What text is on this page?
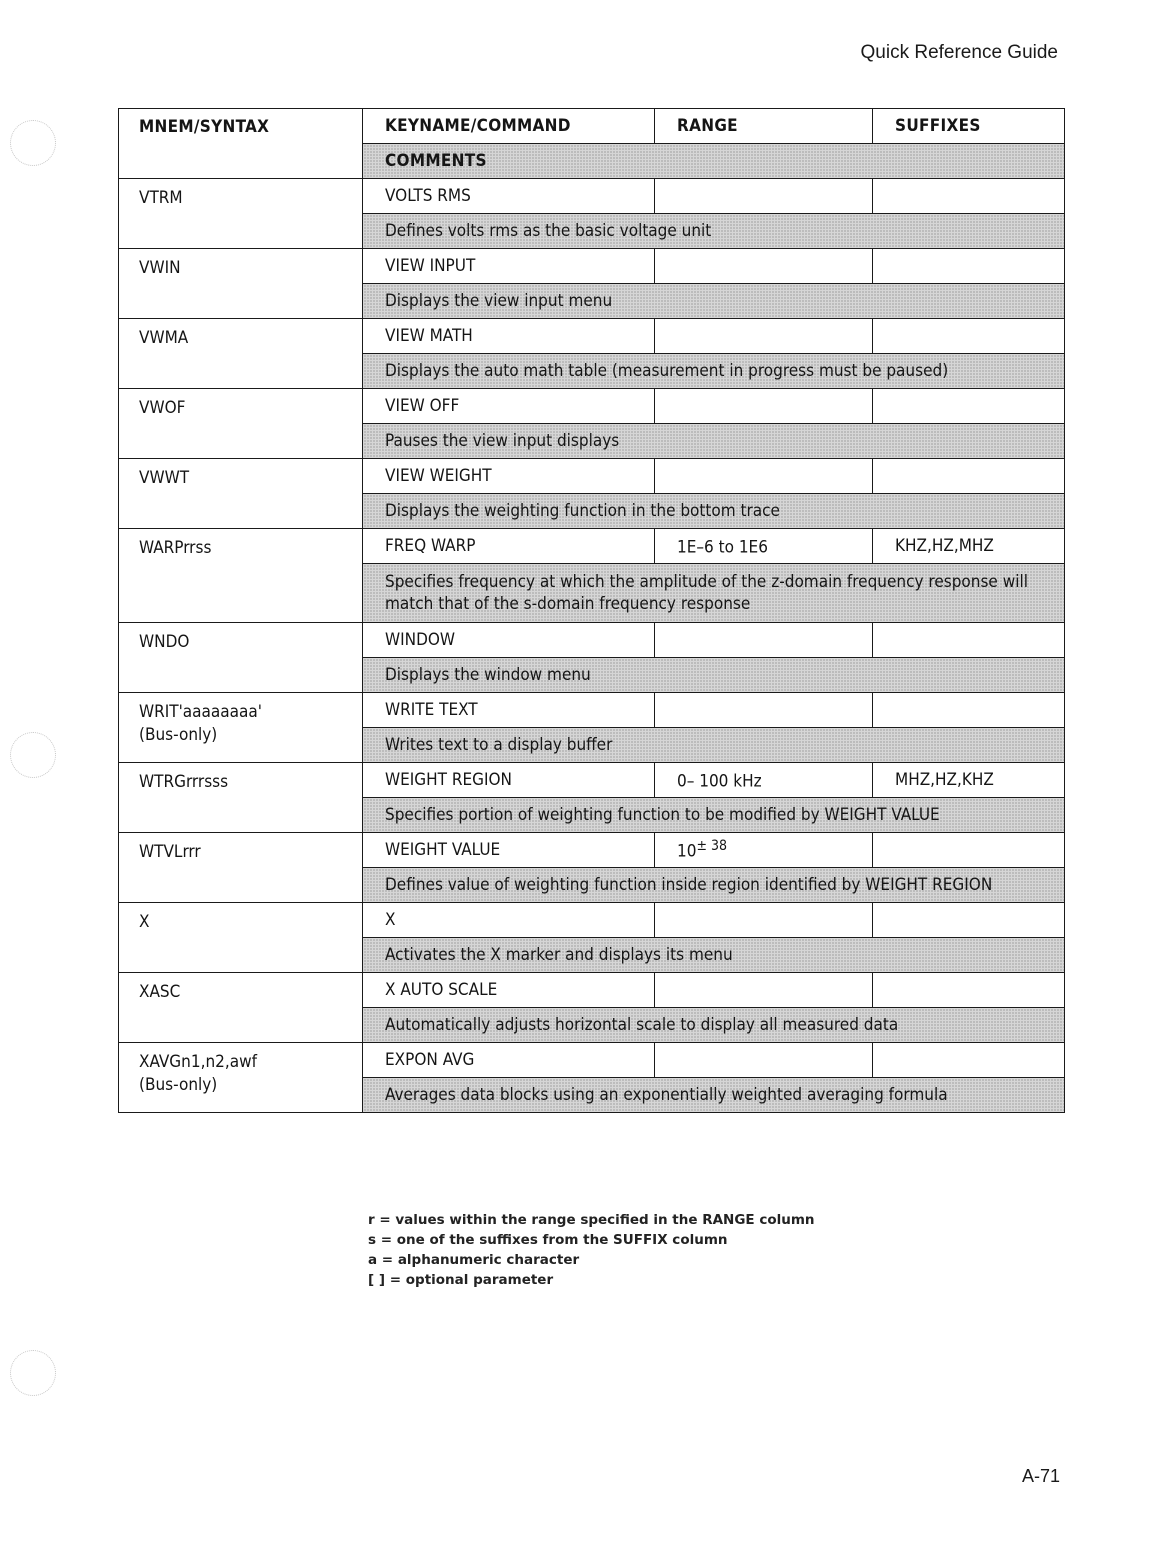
Quick Reference Guide
MNEM/SYNTAX	KEYNAME/COMMAND	RANGE	SUFFIXES
	COMMENTS		

VTRM	VOLTS RMS		
	Defines volts rms as the basic voltage unit		

VWIN	VIEW INPUT		
	Displays the view input menu		

VWMA	VIEW MATH		
	Displays the auto math table (measurement in progress must be paused)		

VWOF	VIEW OFF		
	Pauses the view input displays		

VWWT	VIEW WEIGHT		
	Displays the weighting function in the bottom trace		

WARPrrss	FREQ WARP	1E–6 to 1E6	KHZ,HZ,MHZ
	Specifies frequency at which the amplitude of the z-domain frequency response will match that of the s-domain frequency response		

WNDO	WINDOW		
	Displays the window menu		

WRIT'aaaaaaaa'
(Bus-only)	WRITE TEXT		
	Writes text to a display buffer		

WTRGrrrsss	WEIGHT REGION	0– 100 kHz	MHZ,HZ,KHZ
	Specifies portion of weighting function to be modified by WEIGHT VALUE		

WTVLrrr	WEIGHT VALUE	$10^{\pm 38}$	
	Defines value of weighting function inside region identified by WEIGHT REGION		

X	X		
	Activates the X marker and displays its menu		

XASC	X AUTO SCALE		
	Automatically adjusts horizontal scale to display all measured data		

XAVGn1,n2,awf
(Bus-only)	EXPON AVG		
	Averages data blocks using an exponentially weighted averaging formula		
r = values within the range specified in the RANGE column
s = one of the suffixes from the SUFFIX column
a = alphanumeric character
[ ] = optional parameter
A-71
